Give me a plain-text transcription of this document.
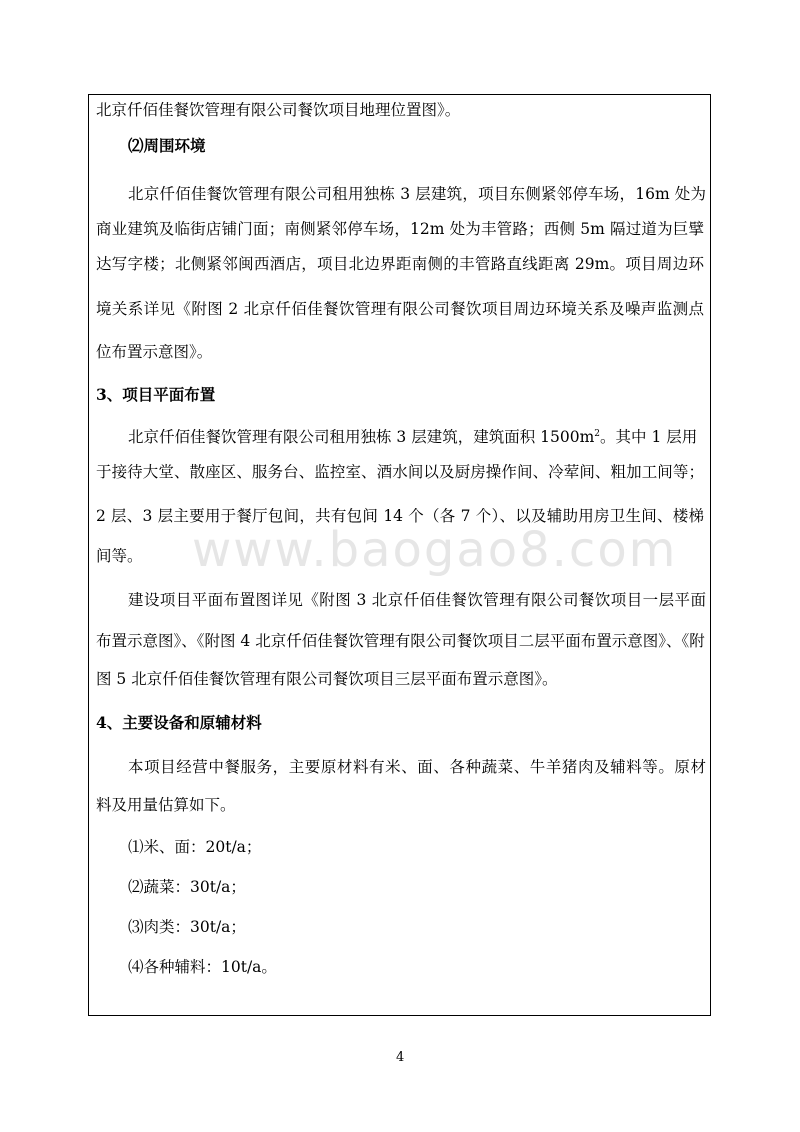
www.baogao8.com
北京仟佰佳餐饮管理有限公司餐饮项目地理位置图》。
⑵周围环境
北京仟佰佳餐饮管理有限公司租用独栋 3 层建筑，项目东侧紧邻停车场，16m 处为
商业建筑及临街店铺门面；南侧紧邻停车场，12m 处为丰管路；西侧 5m 隔过道为巨擘
达写字楼；北侧紧邻闽西酒店，项目北边界距南侧的丰管路直线距离 29m。项目周边环
境关系详见《附图 2 北京仟佰佳餐饮管理有限公司餐饮项目周边环境关系及噪声监测点
位布置示意图》。
3、项目平面布置
北京仟佰佳餐饮管理有限公司租用独栋 3 层建筑，建筑面积 $1500m^2$。其中 1 层用
于接待大堂、散座区、服务台、监控室、酒水间以及厨房操作间、冷荤间、粗加工间等；
2 层、3 层主要用于餐厅包间，共有包间 14 个（各 7 个）、以及辅助用房卫生间、楼梯
间等。
建设项目平面布置图详见《附图 3 北京仟佰佳餐饮管理有限公司餐饮项目一层平面
布置示意图》、《附图 4 北京仟佰佳餐饮管理有限公司餐饮项目二层平面布置示意图》、《附
图 5 北京仟佰佳餐饮管理有限公司餐饮项目三层平面布置示意图》。
4、主要设备和原辅材料
本项目经营中餐服务，主要原材料有米、面、各种蔬菜、牛羊猪肉及辅料等。原材
料及用量估算如下。
⑴米、面：20t/a；
⑵蔬菜：30t/a；
⑶肉类：30t/a；
⑷各种辅料：10t/a。
4
